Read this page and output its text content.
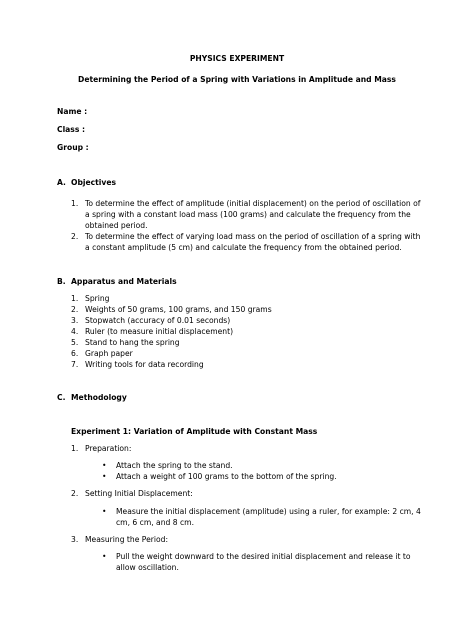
PHYSICS EXPERIMENT
Determining the Period of a Spring with Variations in Amplitude and Mass
Name :
Class :
Group :
A. Objectives
1. To determine the effect of amplitude (initial displacement) on the period of oscillation of
a spring with a constant load mass (100 grams) and calculate the frequency from the
obtained period.
2. To determine the effect of varying load mass on the period of oscillation of a spring with
a constant amplitude (5 cm) and calculate the frequency from the obtained period.
B. Apparatus and Materials
1. Spring
2. Weights of 50 grams, 100 grams, and 150 grams
3. Stopwatch (accuracy of 0.01 seconds)
4. Ruler (to measure initial displacement)
5. Stand to hang the spring
6. Graph paper
7. Writing tools for data recording
C. Methodology
Experiment 1: Variation of Amplitude with Constant Mass
1. Preparation:
• Attach the spring to the stand.
• Attach a weight of 100 grams to the bottom of the spring.
2. Setting Initial Displacement:
• Measure the initial displacement (amplitude) using a ruler, for example: 2 cm, 4
cm, 6 cm, and 8 cm.
3. Measuring the Period:
• Pull the weight downward to the desired initial displacement and release it to
allow oscillation.
